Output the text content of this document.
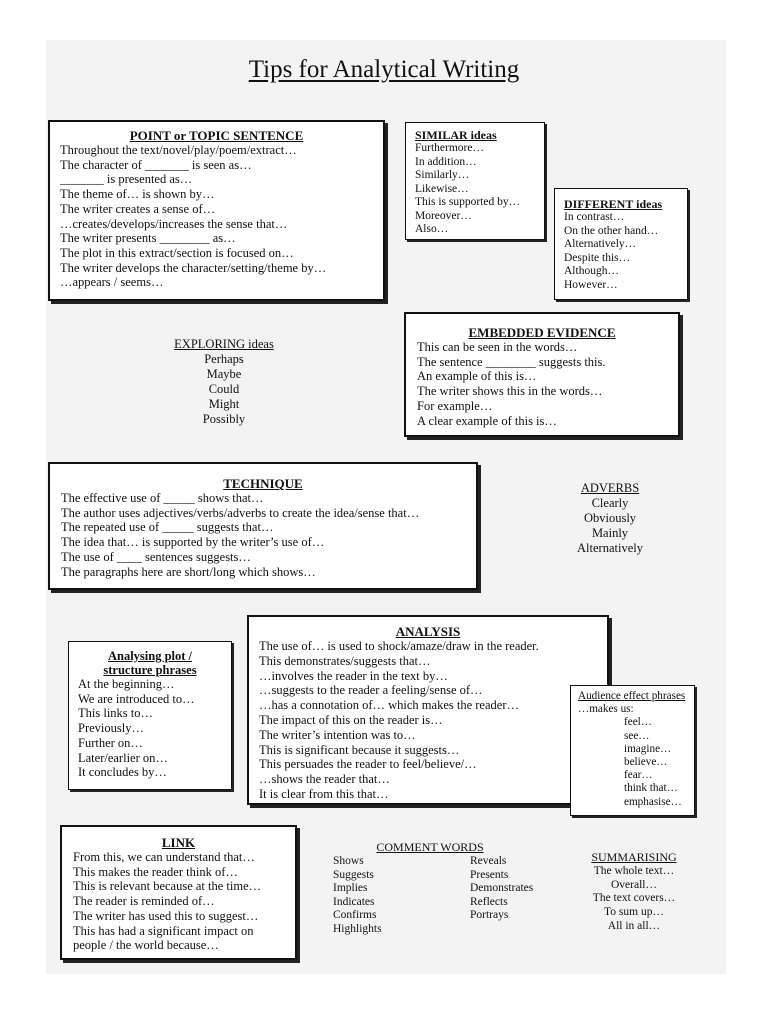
Tips for Analytical Writing
POINT or TOPIC SENTENCE
Throughout the text/novel/play/poem/extract…
The character of _______ is seen as…
_______ is presented as…
The theme of… is shown by…
The writer creates a sense of…
…creates/develops/increases the sense that…
The writer presents ________ as…
The plot in this extract/section is focused on…
The writer develops the character/setting/theme by…
…appears / seems…
SIMILAR ideas
Furthermore…
In addition…
Similarly…
Likewise…
This is supported by…
Moreover…
Also…
DIFFERENT ideas
In contrast…
On the other hand…
Alternatively…
Despite this…
Although…
However…
EXPLORING ideas
Perhaps
Maybe
Could
Might
Possibly
EMBEDDED EVIDENCE
This can be seen in the words…
The sentence ________ suggests this.
An example of this is…
The writer shows this in the words…
For example…
A clear example of this is…
TECHNIQUE
The effective use of _____ shows that…
The author uses adjectives/verbs/adverbs to create the idea/sense that…
The repeated use of _____ suggests that…
The idea that… is supported by the writer’s use of…
The use of ____ sentences suggests…
The paragraphs here are short/long which shows…
ADVERBS
Clearly
Obviously
Mainly
Alternatively
ANALYSIS
The use of… is used to shock/amaze/draw in the reader.
This demonstrates/suggests that…
…involves the reader in the text by…
…suggests to the reader a feeling/sense of…
…has a connotation of… which makes the reader…
The impact of this on the reader is…
The writer’s intention was to…
This is significant because it suggests…
This persuades the reader to feel/believe/…
…shows the reader that…
It is clear from this that…
Analysing plot /
structure phrases
At the beginning…
We are introduced to…
This links to…
Previously…
Further on…
Later/earlier on…
It concludes by…
Audience effect phrases
…makes us:
feel…
see…
imagine…
believe…
fear…
think that…
emphasise…
LINK
From this, we can understand that…
This makes the reader think of…
This is relevant because at the time…
The reader is reminded of…
The writer has used this to suggest…
This has had a significant impact on
people / the world because…
COMMENT WORDS
Shows
Suggests
Implies
Indicates
Confirms
Highlights
Reveals
Presents
Demonstrates
Reflects
Portrays
SUMMARISING
The whole text…
Overall…
The text covers…
To sum up…
All in all…
